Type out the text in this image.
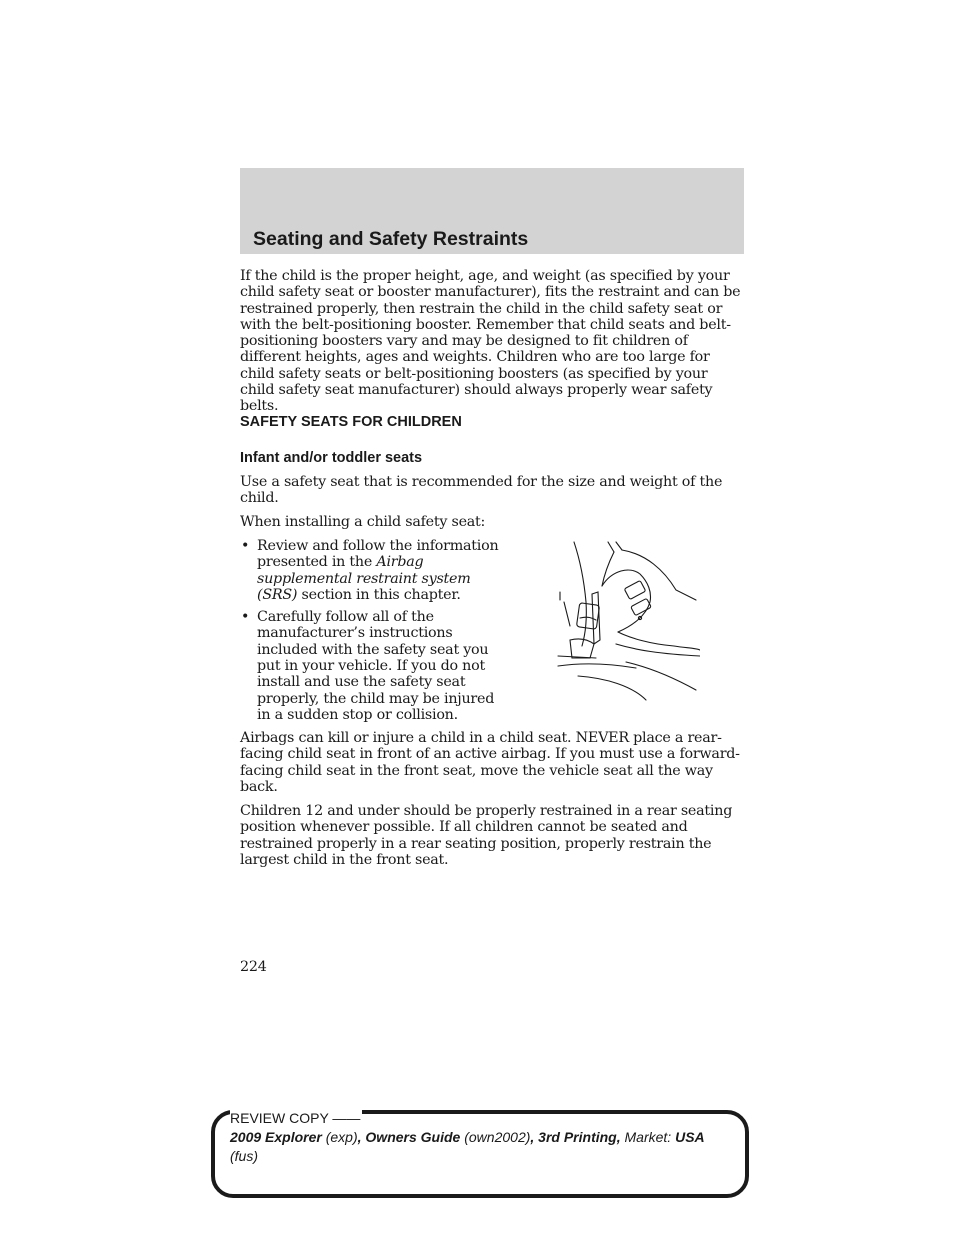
Seating and Safety Restraints

If the child is the proper height, age, and weight (as specified by your child safety seat or booster manufacturer), fits the restraint and can be restrained properly, then restrain the child in the child safety seat or with the belt-positioning booster. Remember that child seats and belt-positioning boosters vary and may be designed to fit children of different heights, ages and weights. Children who are too large for child safety seats or belt-positioning boosters (as specified by your child safety seat manufacturer) should always properly wear safety belts.

SAFETY SEATS FOR CHILDREN
Infant and/or toddler seats

Use a safety seat that is recommended for the size and weight of the child.

When installing a child safety seat:

• Review and follow the information presented in the Airbag supplemental restraint system (SRS) section in this chapter.
• Carefully follow all of the manufacturer’s instructions included with the safety seat you put in your vehicle. If you do not install and use the safety seat properly, the child may be injured in a sudden stop or collision.

Airbags can kill or injure a child in a child seat. NEVER place a rear-facing child seat in front of an active airbag. If you must use a forward-facing child seat in the front seat, move the vehicle seat all the way back.

Children 12 and under should be properly restrained in a rear seating position whenever possible. If all children cannot be seated and restrained properly in a rear seating position, properly restrain the largest child in the front seat.

224
REVIEW COPY ——
2009 Explorer (exp), Owners Guide (own2002), 3rd Printing, Market: USA
(fus)
